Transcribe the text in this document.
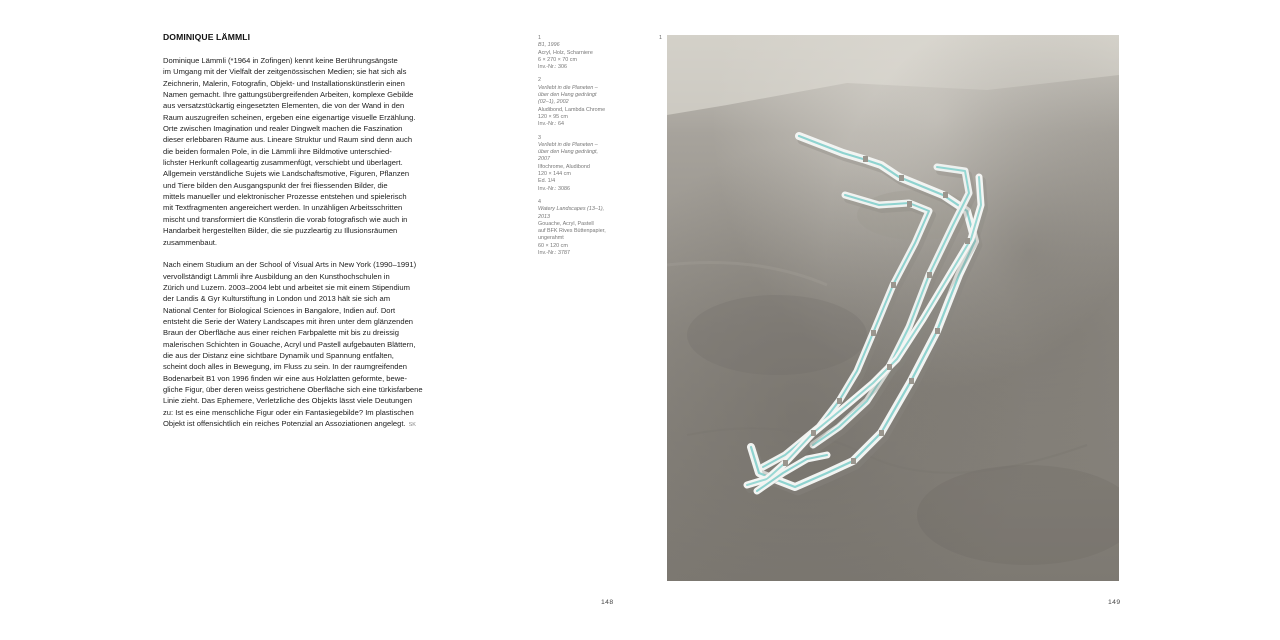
DOMINIQUE LÄMMLI

Dominique Lämmli (*1964 in Zofingen) kennt keine Berührungsängste
im Umgang mit der Vielfalt der zeitgenössischen Medien; sie hat sich als
Zeichnerin, Malerin, Fotografin, Objekt- und Installationskünstlerin einen
Namen gemacht. Ihre gattungsübergreifenden Arbeiten, komplexe Gebilde
aus versatzstückartig eingesetzten Elementen, die von der Wand in den
Raum auszugreifen scheinen, ergeben eine eigenartige visuelle Erzählung.
Orte zwischen Imagination und realer Dingwelt machen die Faszination
dieser erlebbaren Räume aus. Lineare Struktur und Raum sind denn auch
die beiden formalen Pole, in die Lämmli ihre Bildmotive unterschied-
lichster Herkunft collageartig zusammenfügt, verschiebt und überlagert.
Allgemein verständliche Sujets wie Landschaftsmotive, Figuren, Pflanzen
und Tiere bilden den Ausgangspunkt der frei fliessenden Bilder, die
mittels manueller und elektronischer Prozesse entstehen und spielerisch
mit Textfragmenten angereichert werden. In unzähligen Arbeitsschritten
mischt und transformiert die Künstlerin die vorab fotografisch wie auch in
Handarbeit hergestellten Bilder, die sie puzzleartig zu Illusionsräumen
zusammenbaut.

Nach einem Studium an der School of Visual Arts in New York (1990–1991)
vervollständigt Lämmli ihre Ausbildung an den Kunsthochschulen in
Zürich und Luzern. 2003–2004 lebt und arbeitet sie mit einem Stipendium
der Landis & Gyr Kulturstiftung in London und 2013 hält sie sich am
National Center for Biological Sciences in Bangalore, Indien auf. Dort
entsteht die Serie der Watery Landscapes mit ihren unter dem glänzenden
Braun der Oberfläche aus einer reichen Farbpalette mit bis zu dreissig
malerischen Schichten in Gouache, Acryl und Pastell aufgebauten Blättern,
die aus der Distanz eine sichtbare Dynamik und Spannung entfalten,
scheint doch alles in Bewegung, im Fluss zu sein. In der raumgreifenden
Bodenarbeit B1 von 1996 finden wir eine aus Holzlatten geformte, bewe-
gliche Figur, über deren weiss gestrichene Oberfläche sich eine türkisfarbene
Linie zieht. Das Ephemere, Verletzliche des Objekts lässt viele Deutungen
zu: Ist es eine menschliche Figur oder ein Fantasiegebilde? Im plastischen
Objekt ist offensichtlich ein reiches Potenzial an Assoziationen angelegt. SK

1
B1, 1996
Acryl, Holz, Scharniere
6 × 270 × 70 cm
Inv.-Nr.: 306
2
Verliebt in die Planeten –
über den Hang gedrängt
(02–1), 2002
Aludibond, Lambda Chrome
120 × 95 cm
Inv.-Nr.: 64
3
Verliebt in die Planeten –
über den Hang gedrängt,
2007
Ilfochrome, Aludibond
120 × 144 cm
Ed. 1/4
Inv.-Nr.: 3086
4
Watery Landscapes (13–1),
2013
Gouache, Acryl, Pastell
auf BFK Rives Büttenpapier,
ungerahmt
60 × 120 cm
Inv.-Nr.: 3787
148
1
149
